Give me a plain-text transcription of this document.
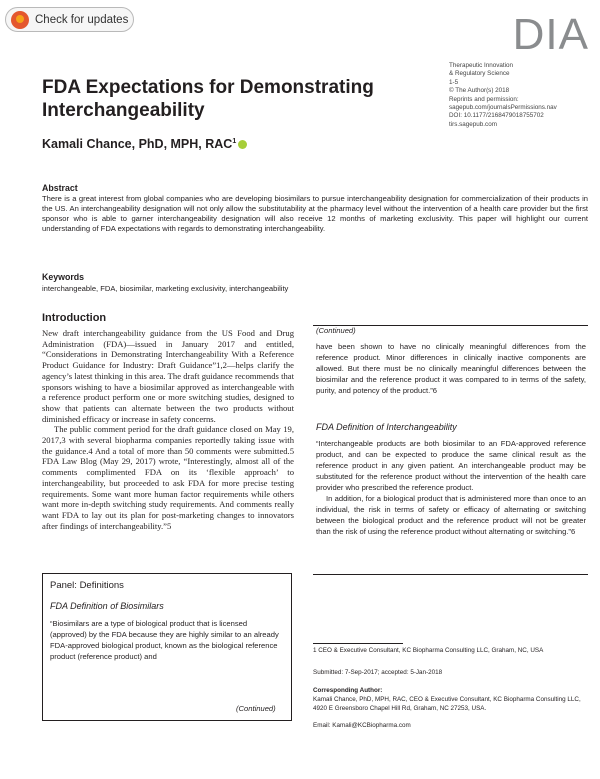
Check for updates	DIA
Therapeutic Innovation
& Regulatory Science
1-5
© The Author(s) 2018
Reprints and permission:
sagepub.com/journalsPermissions.nav
DOI: 10.1177/2168479018755702
tirs.sagepub.com
FDA Expectations for Demonstrating Interchangeability
Kamali Chance, PhD, MPH, RAC$^1$
Abstract
There is a great interest from global companies who are developing biosimilars to pursue interchangeability designation for commercialization of their products in the US. An interchangeability designation will not only allow the substitutability at the pharmacy level without the intervention of a health care provider but the first sponsor who is able to garner interchangeability designation will also receive 12 months of marketing exclusivity. This paper will highlight our current understanding of FDA expectations with regards to demonstrating interchangeability.
Keywords
interchangeable, FDA, biosimilar, marketing exclusivity, interchangeability
Introduction

New draft interchangeability guidance from the US Food and Drug Administration (FDA)—issued in January 2017 and entitled, “Considerations in Demonstrating Interchangeability With a Reference Product Guidance for Industry: Draft Guidance”1,2—helps clarify the agency’s latest thinking in this area. The draft guidance recommends that sponsors wishing to have a biosimilar approved as interchangeable with a reference product perform one or more switching studies, designed to show that patients can alternate between the two products without diminished efficacy or increase in safety concerns.

The public comment period for the draft guidance closed on May 19, 2017,3 with several biopharma companies reportedly taking issue with the guidance.4 And a total of more than 50 comments were submitted.5 FDA Law Blog (May 29, 2017) wrote, “Interestingly, almost all of the comments complimented FDA on its ‘flexible approach’ to interchangeability, but proceeded to ask FDA for more precise testing requirements. Some want more human factor requirements while others want more in-depth switching study requirements. And comments really want FDA to lay out its plan for post-marketing changes to innovators after findings of interchangeability.”5

Panel: Definitions
FDA Definition of Biosimilars
“Biosimilars are a type of biological product that is licensed (approved) by the FDA because they are highly similar to an already FDA-approved biological product, known as the biological reference product (reference product) and
(Continued)
(Continued)
have been shown to have no clinically meaningful differences from the reference product. Minor differences in clinically inactive components are allowed. But there must be no clinically meaningful differences between the biosimilar and the reference product it was compared to in terms of the safety, purity, and potency of the product.”6
FDA Definition of Interchangeability

“Interchangeable products are both biosimilar to an FDA-approved reference product, and can be expected to produce the same clinical result as the reference product in any given patient. An interchangeable product may be substituted for the reference product without the intervention of the health care provider who prescribed the reference product.

In addition, for a biological product that is administered more than once to an individual, the risk in terms of safety or efficacy of alternating or switching between the biological product and the reference product will not be greater than the risk of using the reference product without alternating or switching.”6

1 CEO & Executive Consultant, KC Biopharma Consulting LLC, Graham, NC, USA
Submitted: 7-Sep-2017; accepted: 5-Jan-2018
Corresponding Author:
Kamali Chance, PhD, MPH, RAC, CEO & Executive Consultant, KC Biopharma Consulting LLC, 4920 E Greensboro Chapel Hill Rd, Graham, NC 27253, USA.
Email: Kamali@KCBiopharma.com
